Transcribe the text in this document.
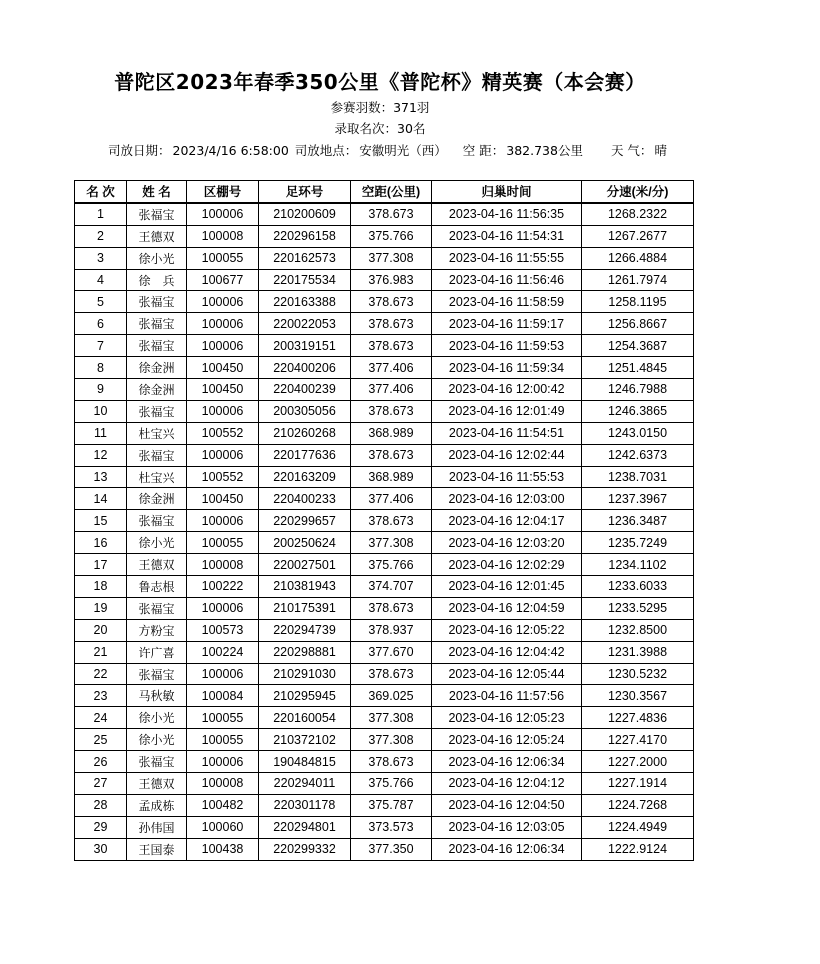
普陀区2023年春季350公里《普陀杯》精英赛（本会赛）
参赛羽数：371羽
录取名次：30名
司放日期： 2023/4/16 6:58:00 司放地点： 安徽明光（西） 空 距： 382.738公里 天 气： 晴
名 次	姓 名	区棚号	足环号	空距(公里)	归巢时间	分速(米/分)
1	张福宝	100006	210200609	378.673	2023-04-16 11:56:35	1268.2322
2	王德双	100008	220296158	375.766	2023-04-16 11:54:31	1267.2677
3	徐小光	100055	220162573	377.308	2023-04-16 11:55:55	1266.4884
4	徐　兵	100677	220175534	376.983	2023-04-16 11:56:46	1261.7974
5	张福宝	100006	220163388	378.673	2023-04-16 11:58:59	1258.1195
6	张福宝	100006	220022053	378.673	2023-04-16 11:59:17	1256.8667
7	张福宝	100006	200319151	378.673	2023-04-16 11:59:53	1254.3687
8	徐金洲	100450	220400206	377.406	2023-04-16 11:59:34	1251.4845
9	徐金洲	100450	220400239	377.406	2023-04-16 12:00:42	1246.7988
10	张福宝	100006	200305056	378.673	2023-04-16 12:01:49	1246.3865
11	杜宝兴	100552	210260268	368.989	2023-04-16 11:54:51	1243.0150
12	张福宝	100006	220177636	378.673	2023-04-16 12:02:44	1242.6373
13	杜宝兴	100552	220163209	368.989	2023-04-16 11:55:53	1238.7031
14	徐金洲	100450	220400233	377.406	2023-04-16 12:03:00	1237.3967
15	张福宝	100006	220299657	378.673	2023-04-16 12:04:17	1236.3487
16	徐小光	100055	200250624	377.308	2023-04-16 12:03:20	1235.7249
17	王德双	100008	220027501	375.766	2023-04-16 12:02:29	1234.1102
18	鲁志根	100222	210381943	374.707	2023-04-16 12:01:45	1233.6033
19	张福宝	100006	210175391	378.673	2023-04-16 12:04:59	1233.5295
20	方粉宝	100573	220294739	378.937	2023-04-16 12:05:22	1232.8500
21	许广喜	100224	220298881	377.670	2023-04-16 12:04:42	1231.3988
22	张福宝	100006	210291030	378.673	2023-04-16 12:05:44	1230.5232
23	马秋敏	100084	210295945	369.025	2023-04-16 11:57:56	1230.3567
24	徐小光	100055	220160054	377.308	2023-04-16 12:05:23	1227.4836
25	徐小光	100055	210372102	377.308	2023-04-16 12:05:24	1227.4170
26	张福宝	100006	190484815	378.673	2023-04-16 12:06:34	1227.2000
27	王德双	100008	220294011	375.766	2023-04-16 12:04:12	1227.1914
28	孟成栋	100482	220301178	375.787	2023-04-16 12:04:50	1224.7268
29	孙伟国	100060	220294801	373.573	2023-04-16 12:03:05	1224.4949
30	王国泰	100438	220299332	377.350	2023-04-16 12:06:34	1222.9124
